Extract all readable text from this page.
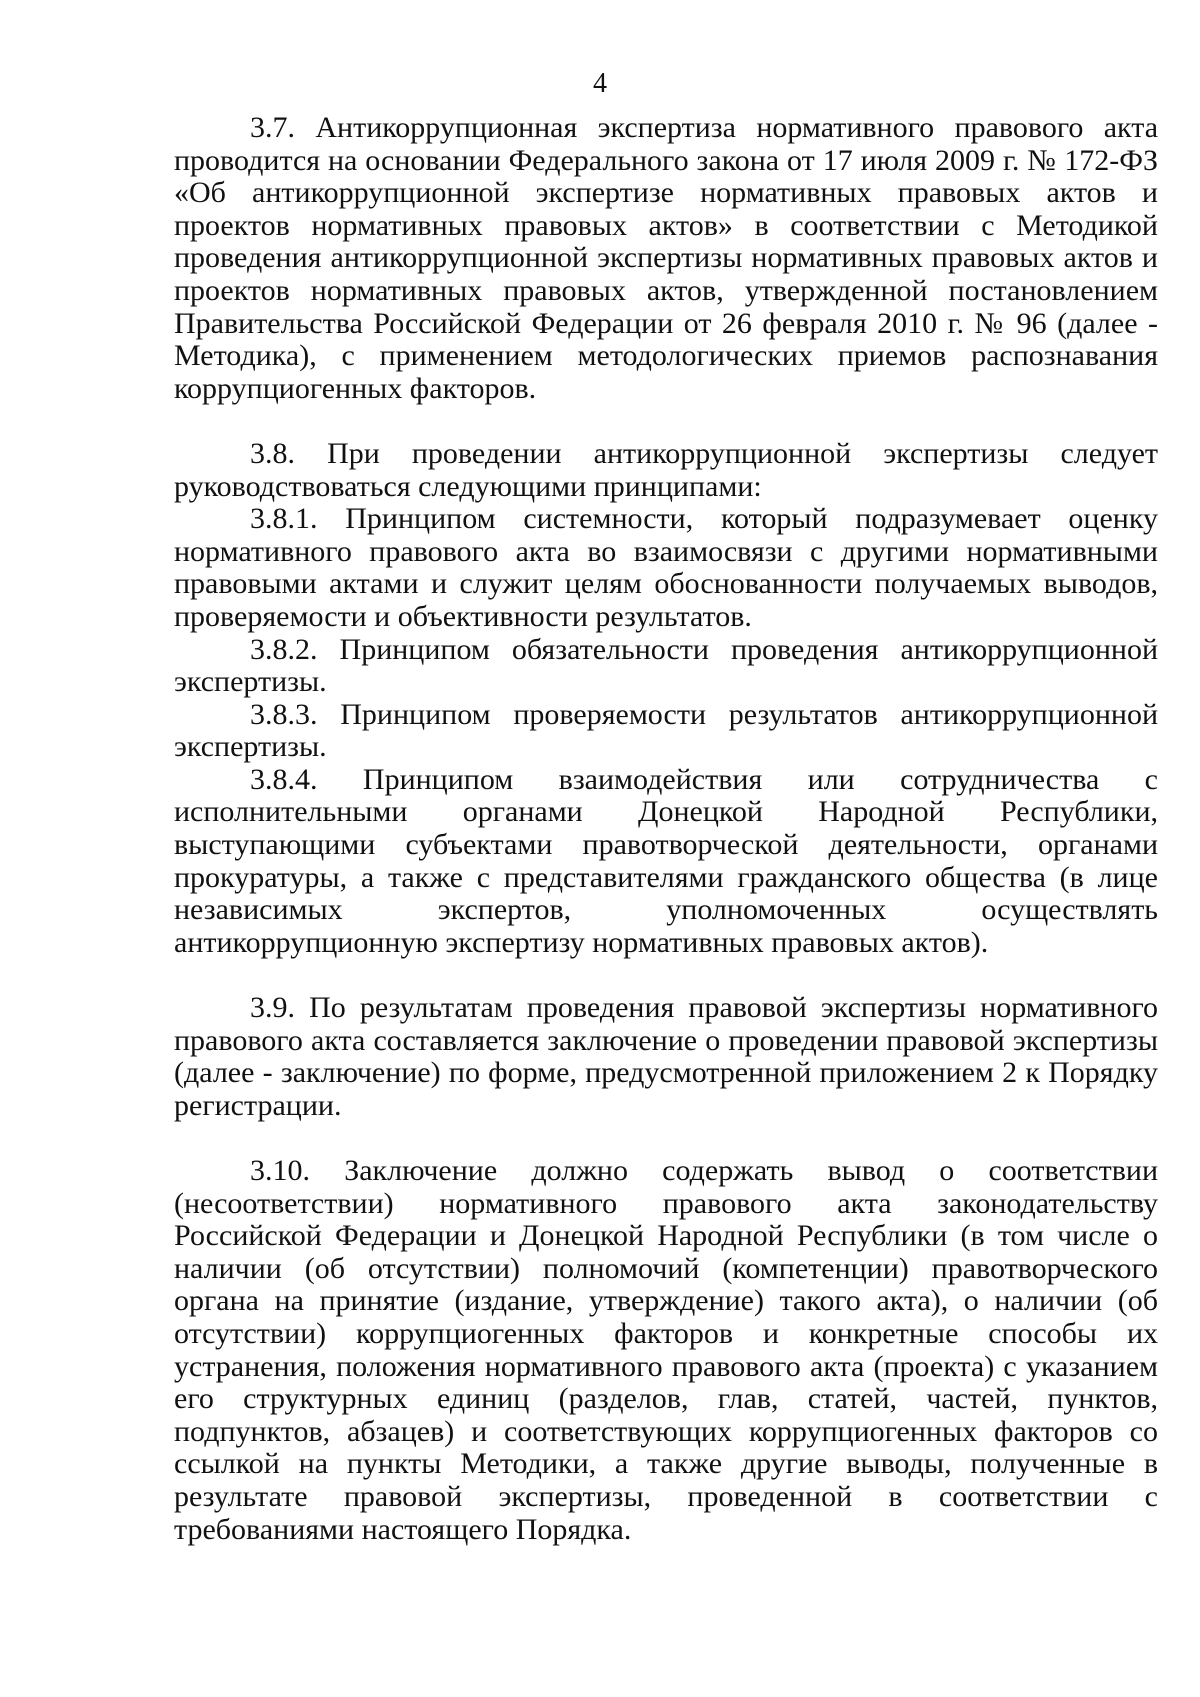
4

3.7. Антикоррупционная экспертиза нормативного правового акта проводится на основании Федерального закона от 17 июля 2009 г. № 172-ФЗ «Об антикоррупционной экспертизе нормативных правовых актов и проектов нормативных правовых актов» в соответствии с Методикой проведения антикоррупционной экспертизы нормативных правовых актов и проектов нормативных правовых актов, утвержденной постановлением Правительства Российской Федерации от 26 февраля 2010 г. № 96 (далее - Методика), с применением методологических приемов распознавания коррупциогенных факторов.

3.8. При проведении антикоррупционной экспертизы следует руководствоваться следующими принципами:

3.8.1. Принципом системности, который подразумевает оценку нормативного правового акта во взаимосвязи с другими нормативными правовыми актами и служит целям обоснованности получаемых выводов, проверяемости и объективности результатов.

3.8.2. Принципом обязательности проведения антикоррупционной экспертизы.

3.8.3. Принципом проверяемости результатов антикоррупционной экспертизы.

3.8.4. Принципом взаимодействия или сотрудничества с исполнительными органами Донецкой Народной Республики, выступающими субъектами правотворческой деятельности, органами прокуратуры, а также с представителями гражданского общества (в лице независимых экспертов, уполномоченных осуществлять антикоррупционную экспертизу нормативных правовых актов).

3.9. По результатам проведения правовой экспертизы нормативного правового акта составляется заключение о проведении правовой экспертизы (далее - заключение) по форме, предусмотренной приложением 2 к Порядку регистрации.

3.10. Заключение должно содержать вывод о соответствии (несоответствии) нормативного правового акта законодательству Российской Федерации и Донецкой Народной Республики (в том числе о наличии (об отсутствии) полномочий (компетенции) правотворческого органа на принятие (издание, утверждение) такого акта), о наличии (об отсутствии) коррупциогенных факторов и конкретные способы их устранения, положения нормативного правового акта (проекта) с указанием его структурных единиц (разделов, глав, статей, частей, пунктов, подпунктов, абзацев) и соответствующих коррупциогенных факторов со ссылкой на пункты Методики, а также другие выводы, полученные в результате правовой экспертизы, проведенной в соответствии с требованиями настоящего Порядка.
